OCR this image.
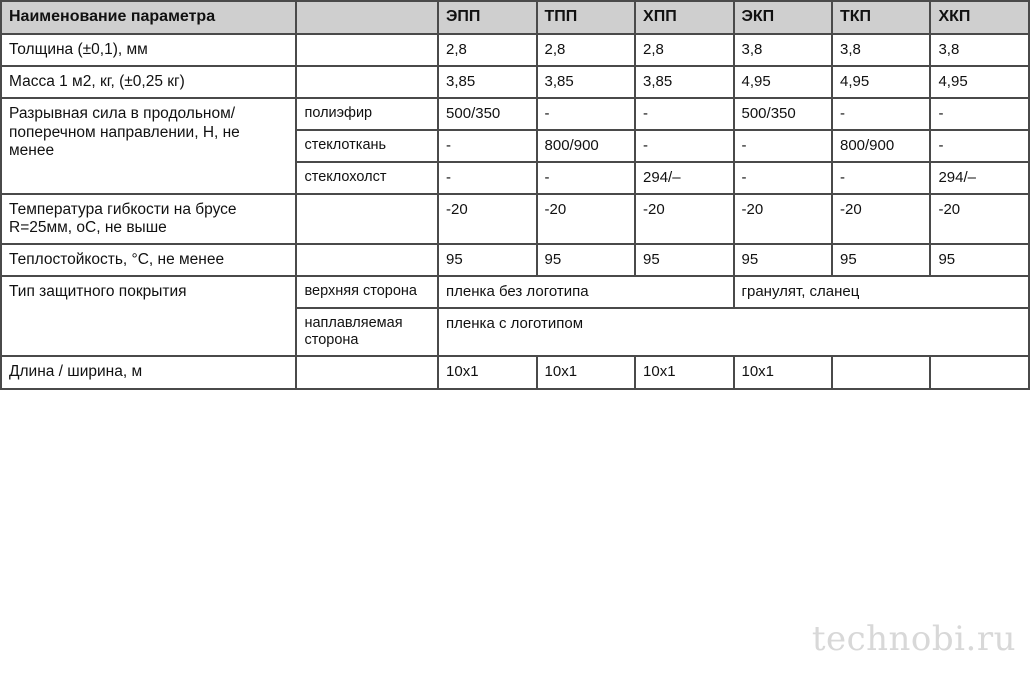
Наименование параметра		ЭПП	ТПП	ХПП	ЭКП	ТКП	ХКП
Толщина (±0,1), мм		2,8	2,8	2,8	3,8	3,8	3,8
Масса 1 м2, кг, (±0,25 кг)		3,85	3,85	3,85	4,95	4,95	4,95
Разрывная сила в продольном/поперечном направлении, Н, не менее	полиэфир	500/350	-	-	500/350	-	-
	стеклоткань	-	800/900	-	-	800/900	-
	стеклохолст	-	-	294/–	-	-	294/–
Температура гибкости на брусе R=25мм, оС, не выше		-20	-20	-20	-20	-20	-20
Теплостойкость, °С, не менее		95	95	95	95	95	95
Тип защитного покрытия	верхняя сторона	пленка без логотипа			гранулят, сланец		
	наплавляемая сторона	пленка с логотипом					
Длина / ширина, м		10х1	10х1	10х1	10х1		
technobi.ru
